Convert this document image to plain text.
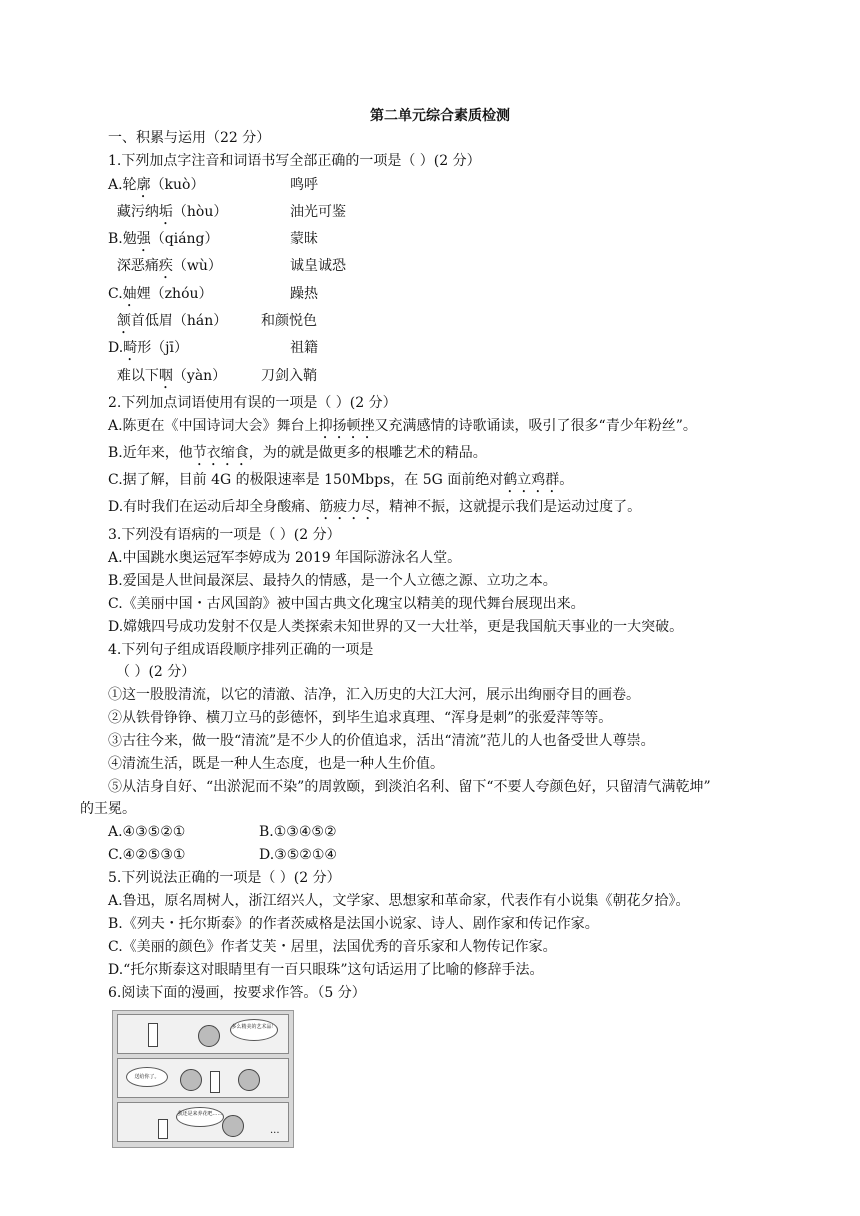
第二单元综合素质检测
一、积累与运用（22 分）
1.下列加点字注音和词语书写全部正确的一项是（ ）(2 分）
A.轮廓（kuò）	鸣呼
藏污纳垢（hòu）	油光可鉴
B.勉强（qiáng）	蒙昧
深恶痛疾（wù）	诚皇诚恐
C.妯娌（zhóu）	躁热
颔首低眉（hán） 和颜悦色
D.畸形（jī）	祖籍
难以下咽（yàn） 刀剑入鞘
2.下列加点词语使用有误的一项是（ ）(2 分）
A.陈更在《中国诗词大会》舞台上抑扬顿挫又充满感情的诗歌诵读，吸引了很多“青少年粉丝”。
B.近年来，他节衣缩食，为的就是做更多的根雕艺术的精品。
C.据了解，目前 4G 的极限速率是 150Mbps，在 5G 面前绝对鹤立鸡群。
D.有时我们在运动后却全身酸痛、筋疲力尽，精神不振，这就提示我们是运动过度了。
3.下列没有语病的一项是（ ）(2 分）
A.中国跳水奥运冠军李婷成为 2019 年国际游泳名人堂。
B.爱国是人世间最深层、最持久的情感，是一个人立德之源、立功之本。
C.《美丽中国・古风国韵》被中国古典文化瑰宝以精美的现代舞台展现出来。
D.嫦娥四号成功发射不仅是人类探索未知世界的又一大壮举，更是我国航天事业的一大突破。
4.下列句子组成语段顺序排列正确的一项是
（ ）(2 分）
①这一股股清流，以它的清澈、洁净，汇入历史的大江大河，展示出绚丽夺目的画卷。
②从铁骨铮铮、横刀立马的彭德怀，到毕生追求真理、“浑身是刺”的张爱萍等等。
③古往今来，做一股“清流”是不少人的价值追求，活出“清流”范儿的人也备受世人尊崇。
④清流生活，既是一种人生态度，也是一种人生价值。
⑤从洁身自好、“出淤泥而不染”的周敦颐，到淡泊名利、留下“不要人夸颜色好，只留清气满乾坤”
的王冕。
A.④③⑤②①	B.①③④⑤②
C.④②⑤③①	D.③⑤②①④
5.下列说法正确的一项是（ ）(2 分）
A.鲁迅，原名周树人，浙江绍兴人，文学家、思想家和革命家，代表作有小说集《朝花夕拾》。
B.《列夫・托尔斯泰》的作者茨威格是法国小说家、诗人、剧作家和传记作家。
C.《美丽的颜色》作者艾芙・居里，法国优秀的音乐家和人物传记作家。
D.“托尔斯泰这对眼睛里有一百只眼珠”这句话运用了比喻的修辞手法。
6.阅读下面的漫画，按要求作答。（5 分）
多么精美的艺术品！
送给你了。
我还是来养花吧……
...
